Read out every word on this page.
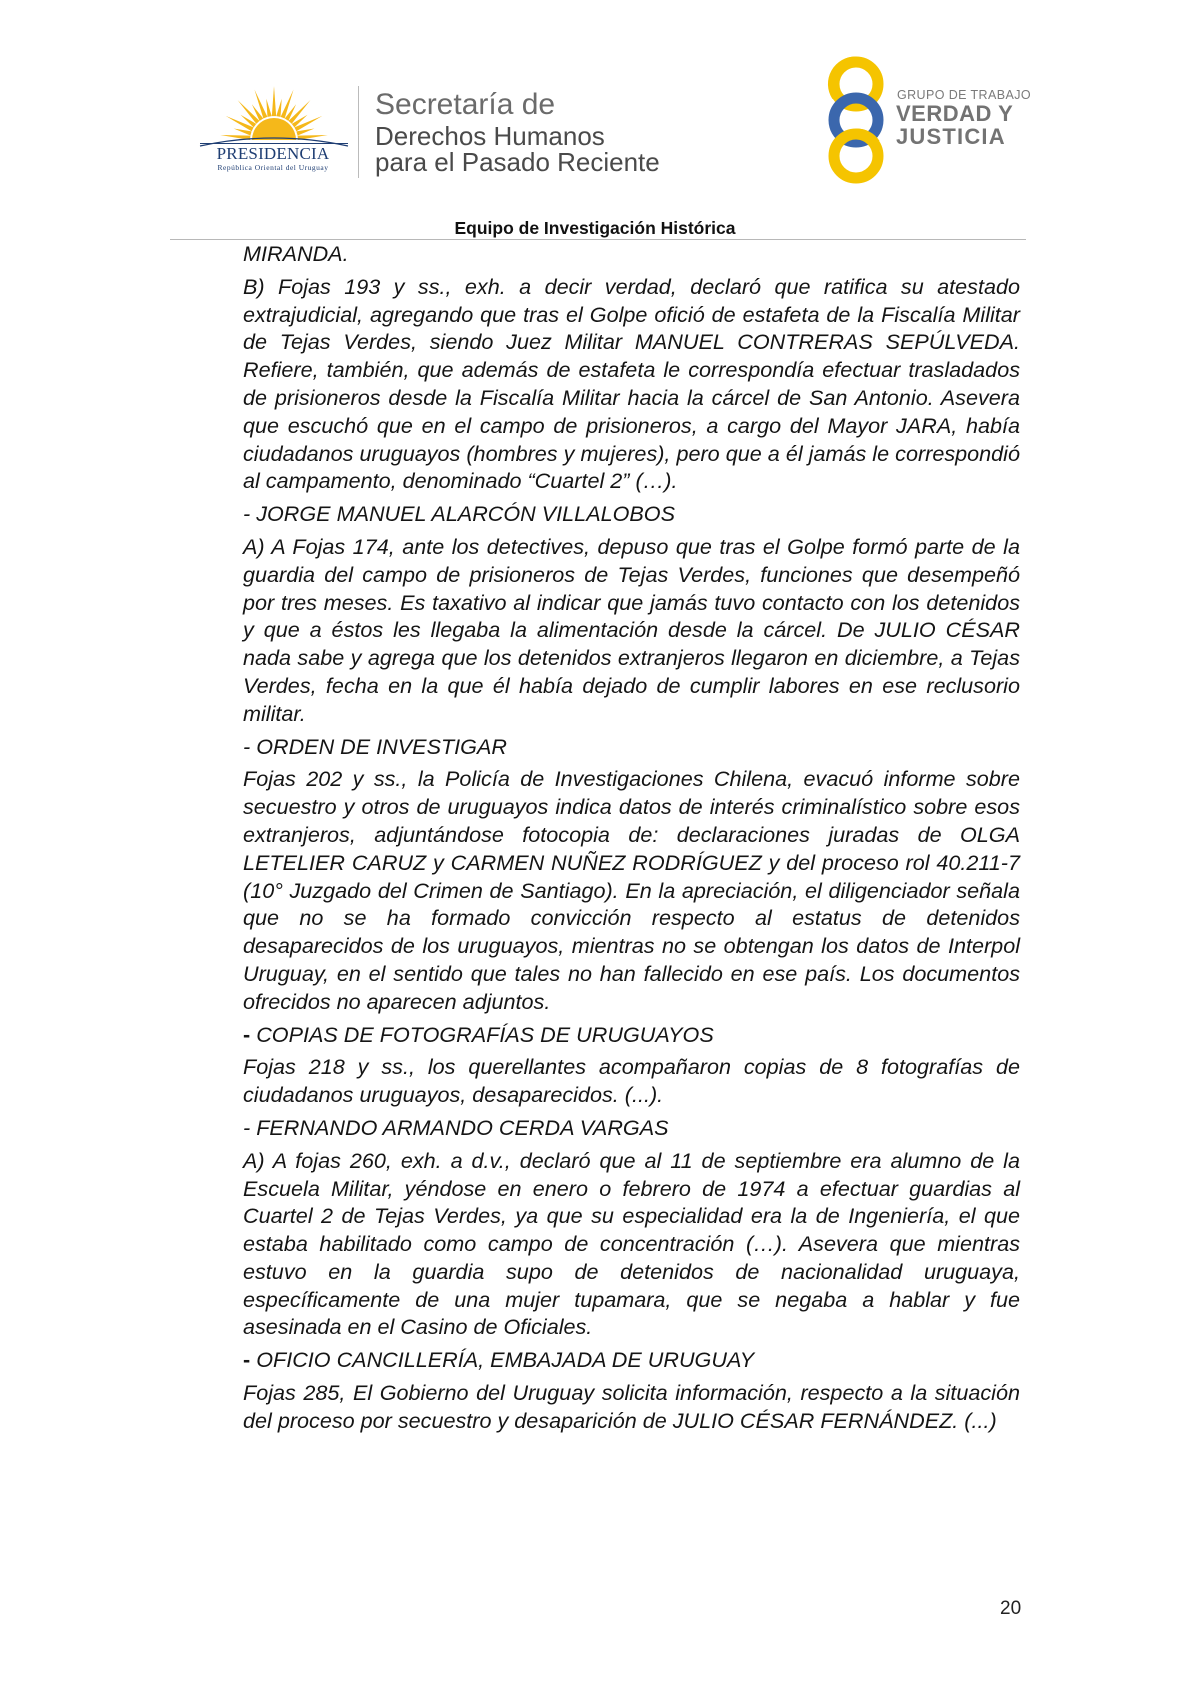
PRESIDENCIA
República Oriental del Uruguay
Secretaría de
Derechos Humanos
para el Pasado Reciente
GRUPO DE TRABAJO
VERDAD Y
JUSTICIA
Equipo de Investigación Histórica

MIRANDA.

B) Fojas 193 y ss., exh. a decir verdad, declaró que ratifica su atestado extrajudicial, agregando que tras el Golpe ofició de estafeta de la Fiscalía Militar de Tejas Verdes, siendo Juez Militar MANUEL CONTRERAS SEPÚLVEDA. Refiere, también, que además de estafeta le correspondía efectuar trasladados de prisioneros desde la Fiscalía Militar hacia la cárcel de San Antonio. Asevera que escuchó que en el campo de prisioneros, a cargo del Mayor JARA, había ciudadanos uruguayos (hombres y mujeres), pero que a él jamás le correspondió al campamento, denominado “Cuartel 2” (…).

- JORGE MANUEL ALARCÓN VILLALOBOS

A) A Fojas 174, ante los detectives, depuso que tras el Golpe formó parte de la guardia del campo de prisioneros de Tejas Verdes, funciones que desempeñó por tres meses. Es taxativo al indicar que jamás tuvo contacto con los detenidos y que a éstos les llegaba la alimentación desde la cárcel. De JULIO CÉSAR nada sabe y agrega que los detenidos extranjeros llegaron en diciembre, a Tejas Verdes, fecha en la que él había dejado de cumplir labores en ese reclusorio militar.

- ORDEN DE INVESTIGAR

Fojas 202 y ss., la Policía de Investigaciones Chilena, evacuó informe sobre secuestro y otros de uruguayos indica datos de interés criminalístico sobre esos extranjeros, adjuntándose fotocopia de: declaraciones juradas de OLGA LETELIER CARUZ y CARMEN NUÑEZ RODRÍGUEZ y del proceso rol 40.211-7 (10° Juzgado del Crimen de Santiago). En la apreciación, el diligenciador señala que no se ha formado convicción respecto al estatus de detenidos desaparecidos de los uruguayos, mientras no se obtengan los datos de Interpol Uruguay, en el sentido que tales no han fallecido en ese país. Los documentos ofrecidos no aparecen adjuntos.

- COPIAS DE FOTOGRAFÍAS DE URUGUAYOS

Fojas 218 y ss., los querellantes acompañaron copias de 8 fotografías de ciudadanos uruguayos, desaparecidos. (...).

- FERNANDO ARMANDO CERDA VARGAS

A) A fojas 260, exh. a d.v., declaró que al 11 de septiembre era alumno de la Escuela Militar, yéndose en enero o febrero de 1974 a efectuar guardias al Cuartel 2 de Tejas Verdes, ya que su especialidad era la de Ingeniería, el que estaba habilitado como campo de concentración (…). Asevera que mientras estuvo en la guardia supo de detenidos de nacionalidad uruguaya, específicamente de una mujer tupamara, que se negaba a hablar y fue asesinada en el Casino de Oficiales.

- OFICIO CANCILLERÍA, EMBAJADA DE URUGUAY

Fojas 285, El Gobierno del Uruguay solicita información, respecto a la situación del proceso por secuestro y desaparición de JULIO CÉSAR FERNÁNDEZ. (...)

20
